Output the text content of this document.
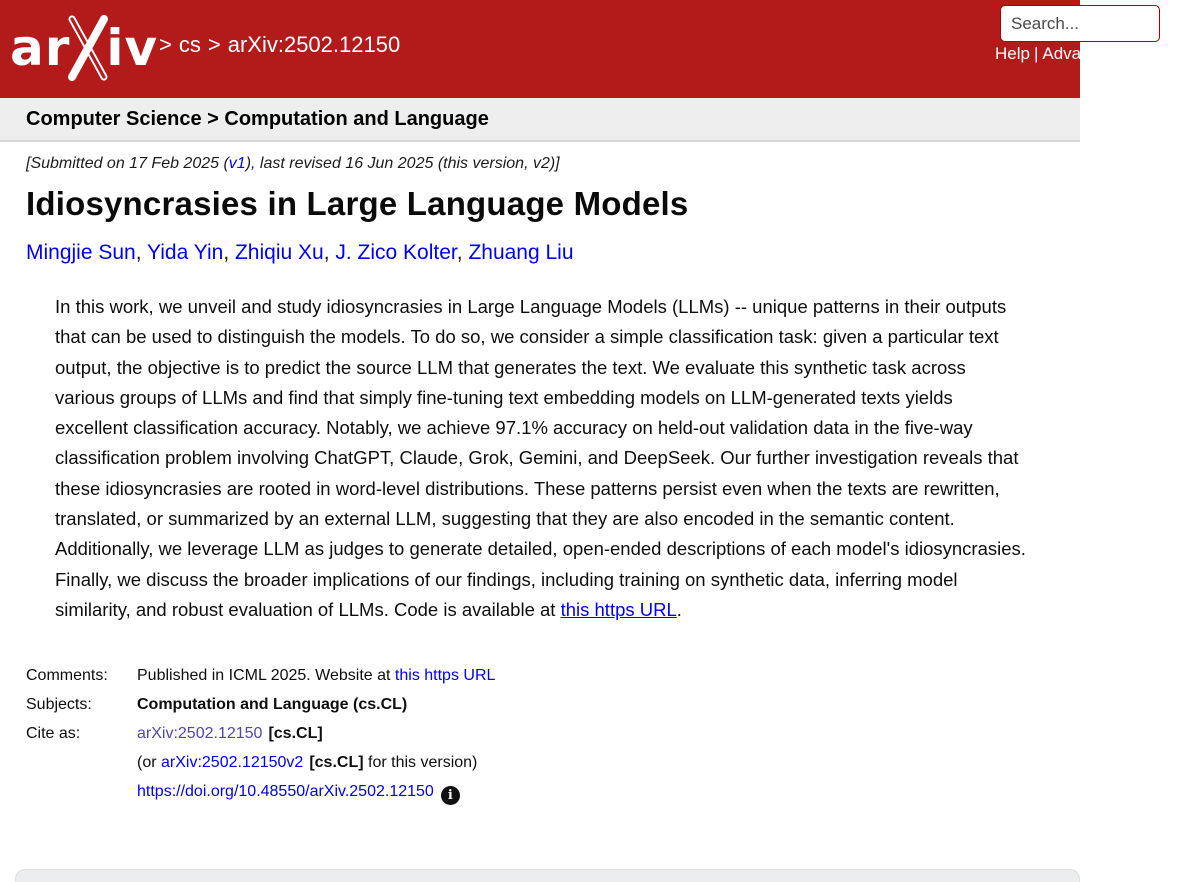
ar iv > cs > arXiv:2502.12150
Search...	Help | Advanced Search
Computer Science > Computation and Language
[Submitted on 17 Feb 2025 (v1), last revised 16 Jun 2025 (this version, v2)]
Idiosyncrasies in Large Language Models
Mingjie Sun, Yida Yin, Zhiqiu Xu, J. Zico Kolter, Zhuang Liu
In this work, we unveil and study idiosyncrasies in Large Language Models (LLMs) -- unique patterns in their outputs that can be used to distinguish the models. To do so, we consider a simple classification task: given a particular text output, the objective is to predict the source LLM that generates the text. We evaluate this synthetic task across various groups of LLMs and find that simply fine-tuning text embedding models on LLM-generated texts yields excellent classification accuracy. Notably, we achieve 97.1% accuracy on held-out validation data in the five-way classification problem involving ChatGPT, Claude, Grok, Gemini, and DeepSeek. Our further investigation reveals that these idiosyncrasies are rooted in word-level distributions. These patterns persist even when the texts are rewritten, translated, or summarized by an external LLM, suggesting that they are also encoded in the semantic content. Additionally, we leverage LLM as judges to generate detailed, open-ended descriptions of each model's idiosyncrasies. Finally, we discuss the broader implications of our findings, including training on synthetic data, inferring model similarity, and robust evaluation of LLMs. Code is available at this https URL.
Comments:	Published in ICML 2025. Website at this https URL
Subjects:	Computation and Language (cs.CL)
Cite as:	arXiv:2502.12150 [cs.CL]
	(or arXiv:2502.12150v2 [cs.CL] for this version)
	https://doi.org/10.48550/arXiv.2502.12150 i
